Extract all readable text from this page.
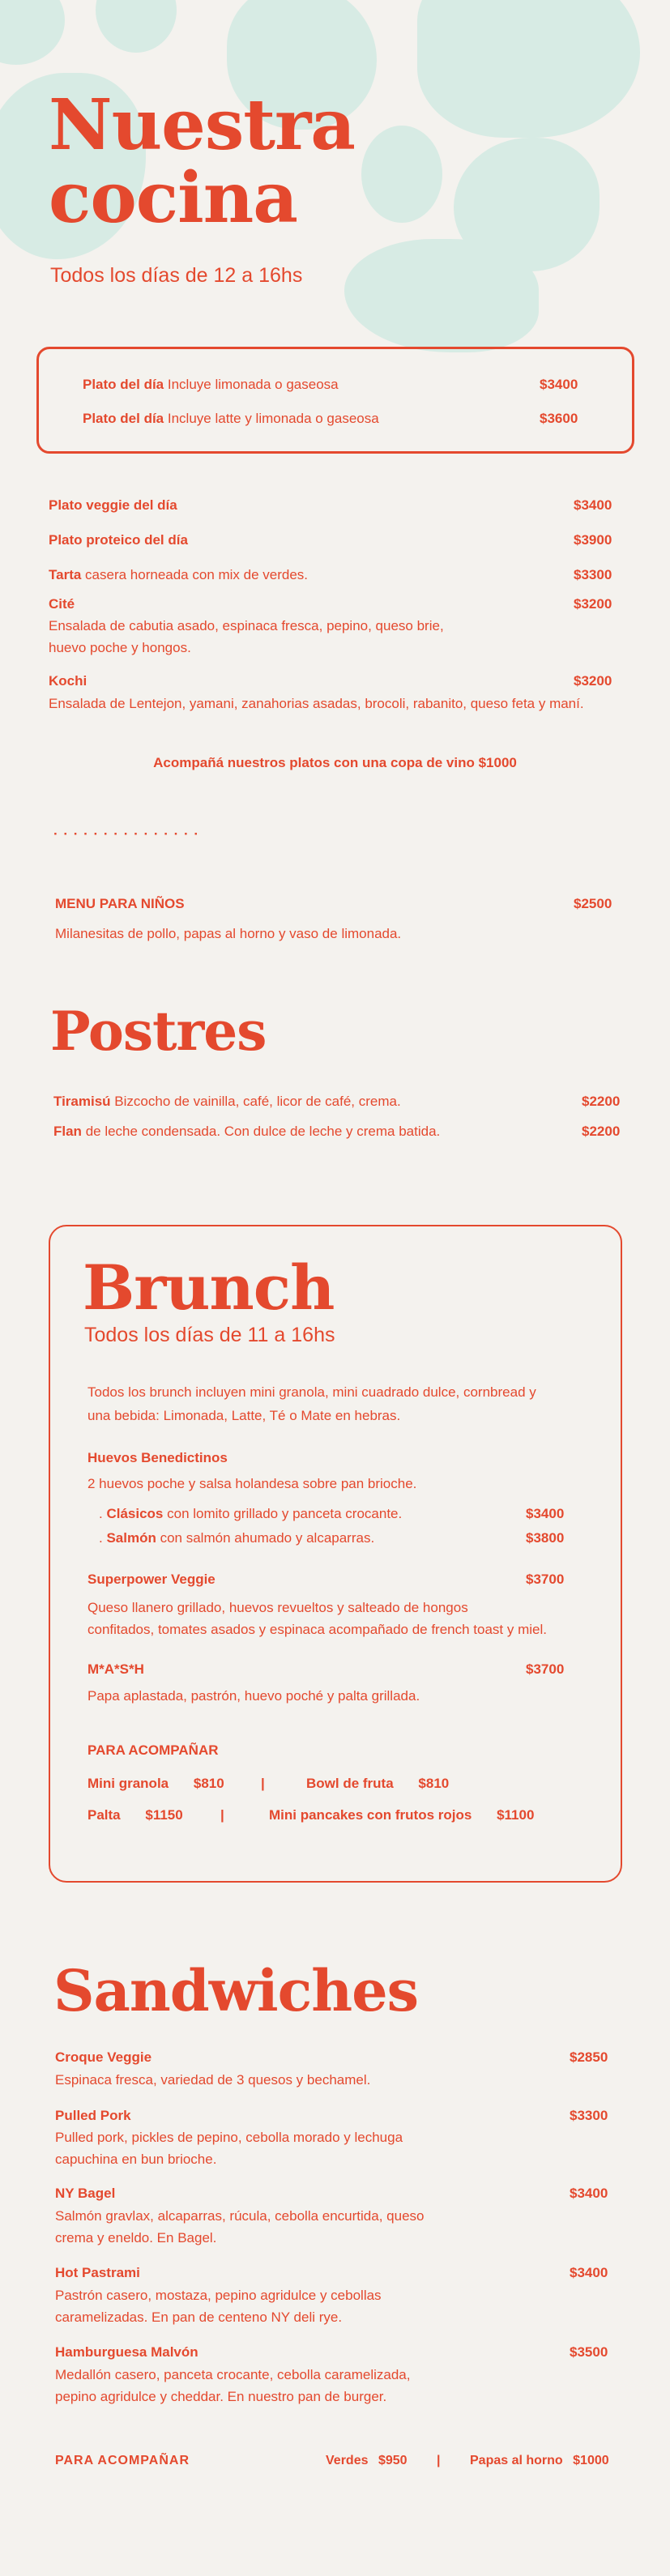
Nuestra
cocina
Todos los días de 12 a 16hs
Plato del día Incluye limonada o gaseosa	$3400
Plato del día Incluye latte y limonada o gaseosa	$3600
Plato veggie del día	$3400
Plato proteico del día	$3900
Tarta casera horneada con mix de verdes.	$3300
Cité	$3200
Ensalada de cabutia asado, espinaca fresca, pepino, queso brie,
huevo poche y hongos.
Kochi	$3200
Ensalada de Lentejon, yamani, zanahorias asadas, brocoli, rabanito, queso feta y maní.
Acompañá nuestros platos con una copa de vino $1000
· · · · · · · · · · · · · · ·
MENU PARA NIÑOS	$2500
Milanesitas de pollo, papas al horno y vaso de limonada.
Postres
Tiramisú Bizcocho de vainilla, café, licor de café, crema.	$2200
Flan de leche condensada. Con dulce de leche y crema batida.	$2200
Brunch
Todos los días de 11 a 16hs
Todos los brunch incluyen mini granola, mini cuadrado dulce, cornbread y
una bebida: Limonada, Latte, Té o Mate en hebras.
Huevos Benedictinos
2 huevos poche y salsa holandesa sobre pan brioche.
. Clásicos con lomito grillado y panceta crocante.	$3400
. Salmón con salmón ahumado y alcaparras.	$3800
Superpower Veggie	$3700
Queso llanero grillado, huevos revueltos y salteado de hongos
confitados, tomates asados y espinaca acompañado de french toast y miel.
M*A*S*H	$3700
Papa aplastada, pastrón, huevo poché y palta grillada.
PARA ACOMPAÑAR
Mini granola $810	|	Bowl de fruta $810
Palta $1150	|	Mini pancakes con frutos rojos $1100
Sandwiches
Croque Veggie	$2850
Espinaca fresca, variedad de 3 quesos y bechamel.
Pulled Pork	$3300
Pulled pork, pickles de pepino, cebolla morado y lechuga
capuchina en bun brioche.
NY Bagel	$3400
Salmón gravlax, alcaparras, rúcula, cebolla encurtida, queso
crema y eneldo. En Bagel.
Hot Pastrami	$3400
Pastrón casero, mostaza, pepino agridulce y cebollas
caramelizadas. En pan de centeno NY deli rye.
Hamburguesa Malvón	$3500
Medallón casero, panceta crocante, cebolla caramelizada,
pepino agridulce y cheddar. En nuestro pan de burger.
PARA ACOMPAÑAR	Verdes $950 | Papas al horno $1000
